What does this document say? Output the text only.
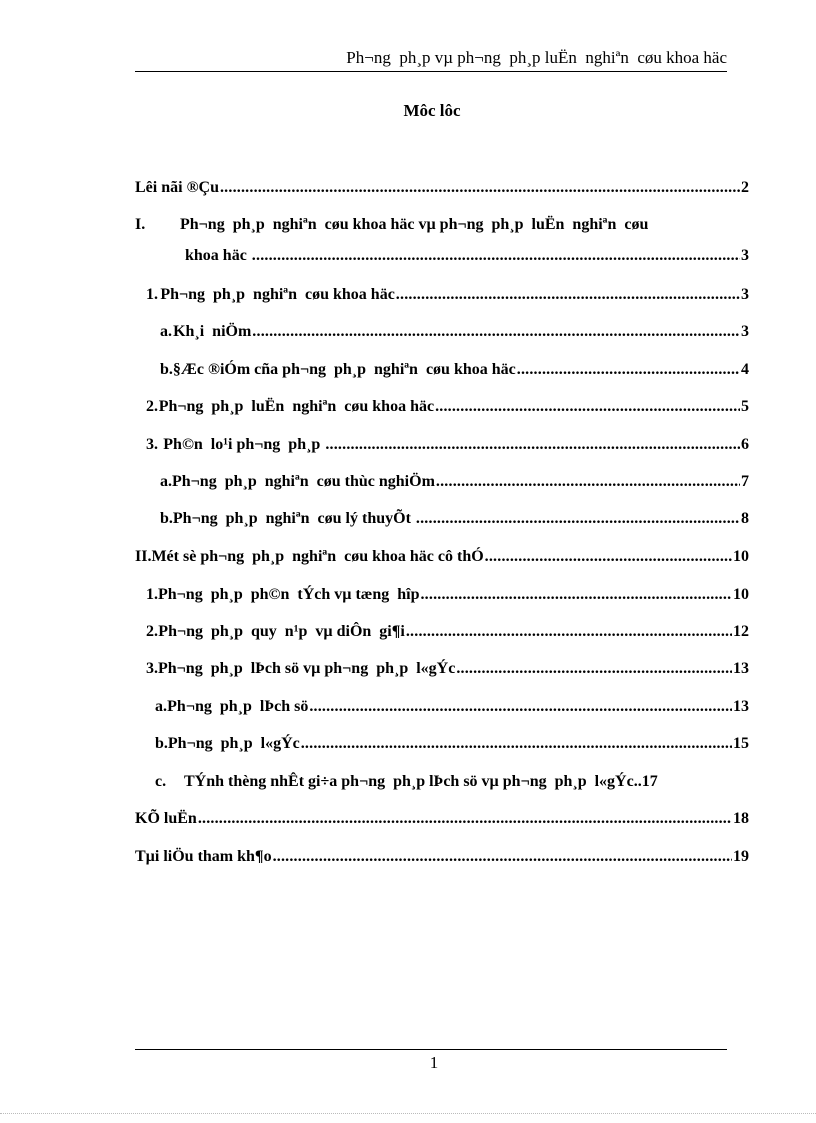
Ph¬ng  ph¸p vµ ph¬ng  ph¸p luËn  nghiªn  cøu khoa häc
Môc lôc
Lêi nãi ®Çu .....	2
I.	Ph¬ng  ph¸p  nghiªn  cøu khoa häc vµ ph¬ng  ph¸p  luËn  nghiªn  cøu
khoa häc .....	3
1. Ph¬ng  ph¸p  nghiªn  cøu khoa häc .....	3
a. Kh¸i  niÖm .....	3
b. §Æc ®iÓm cña ph¬ng  ph¸p  nghiªn  cøu khoa häc .....	4
2. Ph¬ng  ph¸p  luËn  nghiªn  cøu khoa häc .....	5
3. Ph©n  lo¹i ph¬ng  ph¸p .....	6
a. Ph¬ng  ph¸p  nghiªn  cøu thùc nghiÖm .....	7
b. Ph¬ng  ph¸p  nghiªn  cøu lý thuyÕt .....	8
II. Mét sè ph¬ng  ph¸p  nghiªn  cøu khoa häc cô thÓ .....	10
1. Ph¬ng  ph¸p  ph©n  tÝch vµ tæng  hîp .....	10
2. Ph¬ng  ph¸p  quy  n¹p  vµ diÔn  gi¶i .....	12
3. Ph¬ng  ph¸p  lÞch sö vµ ph¬ng  ph¸p  l«gÝc .....	13
a. Ph¬ng  ph¸p  lÞch sö .....	13
b. Ph¬ng  ph¸p  l«gÝc .....	15
c.	TÝnh thèng nhÊt gi÷a ph¬ng  ph¸p lÞch sö vµ ph¬ng  ph¸p  l«gÝc.. 17
KÕ luËn .....	18
Tµi liÖu tham kh¶o .....	19
1
